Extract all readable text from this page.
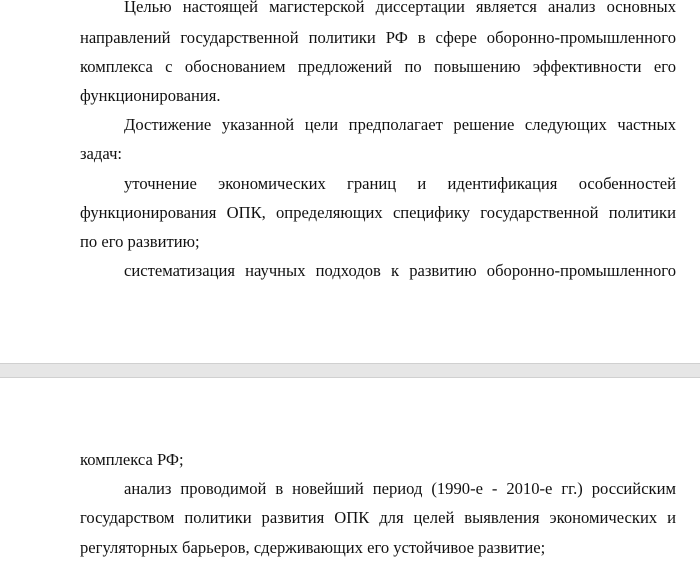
Целью настоящей магистерской диссертации является анализ основных
направлений государственной политики РФ в сфере оборонно-промышленного
комплекса с обоснованием предложений по повышению эффективности его
функционирования.
Достижение указанной цели предполагает решение следующих частных
задач:
уточнение экономических границ и идентификация особенностей
функционирования ОПК, определяющих специфику государственной политики
по его развитию;
систематизация научных подходов к развитию оборонно-промышленного
комплекса РФ;
анализ проводимой в новейший период (1990-е - 2010-е гг.) российским
государством политики развития ОПК для целей выявления экономических и
регуляторных барьеров, сдерживающих его устойчивое развитие;
